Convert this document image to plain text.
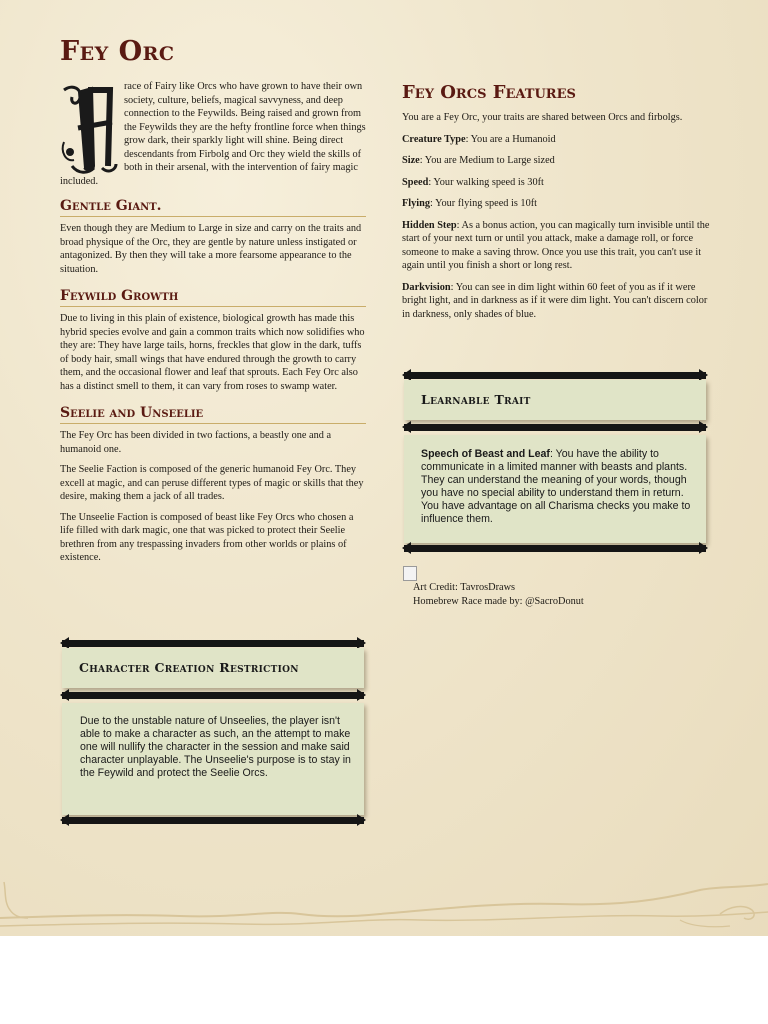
Fey Orc
race of Fairy like Orcs who have grown to have their own society, culture, beliefs, magical savvyness, and deep connection to the Feywilds. Being raised and grown from the Feywilds they are the hefty frontline force when things grow dark, their sparkly light will shine. Being direct descendants from Firbolg and Orc they wield the skills of both in their arsenal, with the intervention of fairy magic included.
Gentle Giant.

Even though they are Medium to Large in size and carry on the traits and broad physique of the Orc, they are gentle by nature unless instigated or antagonized. By then they will take a more fearsome appearance to the situation.

Feywild Growth

Due to living in this plain of existence, biological growth has made this hybrid species evolve and gain a common traits which now solidifies who they are: They have large tails, horns, freckles that glow in the dark, tuffs of body hair, small wings that have endured through the growth to carry them, and the occasional flower and leaf that sprouts. Each Fey Orc also has a distinct smell to them, it can vary from roses to swamp water.

Seelie and Unseelie

The Fey Orc has been divided in two factions, a beastly one and a humanoid one.

The Seelie Faction is composed of the generic humanoid Fey Orc. They excell at magic, and can peruse different types of magic or skills that they desire, making them a jack of all trades.

The Unseelie Faction is composed of beast like Fey Orcs who chosen a life filled with dark magic, one that was picked to protect their Seelie brethren from any trespassing invaders from other worlds or plains of existence.

Character Creation Restriction
Due to the unstable nature of Unseelies, the player isn't able to make a character as such, an the attempt to make one will nullify the character in the session and make said character unplayable. The Unseelie's purpose is to stay in the Feywild and protect the Seelie Orcs.
Fey Orcs Features

You are a Fey Orc, your traits are shared between Orcs and firbolgs.

Creature Type: You are a Humanoid

Size: You are Medium to Large sized

Speed: Your walking speed is 30ft

Flying: Your flying speed is 10ft

Hidden Step: As a bonus action, you can magically turn invisible until the start of your next turn or until you attack, make a damage roll, or force someone to make a saving throw. Once you use this trait, you can't use it again until you finish a short or long rest.

Darkvision: You can see in dim light within 60 feet of you as if it were bright light, and in darkness as if it were dim light. You can't discern color in darkness, only shades of blue.

Learnable Trait
Speech of Beast and Leaf: You have the ability to communicate in a limited manner with beasts and plants. They can understand the meaning of your words, though you have no special ability to understand them in return. You have advantage on all Charisma checks you make to influence them.

Art Credit: TavrosDraws
Homebrew Race made by: @SacroDonut
